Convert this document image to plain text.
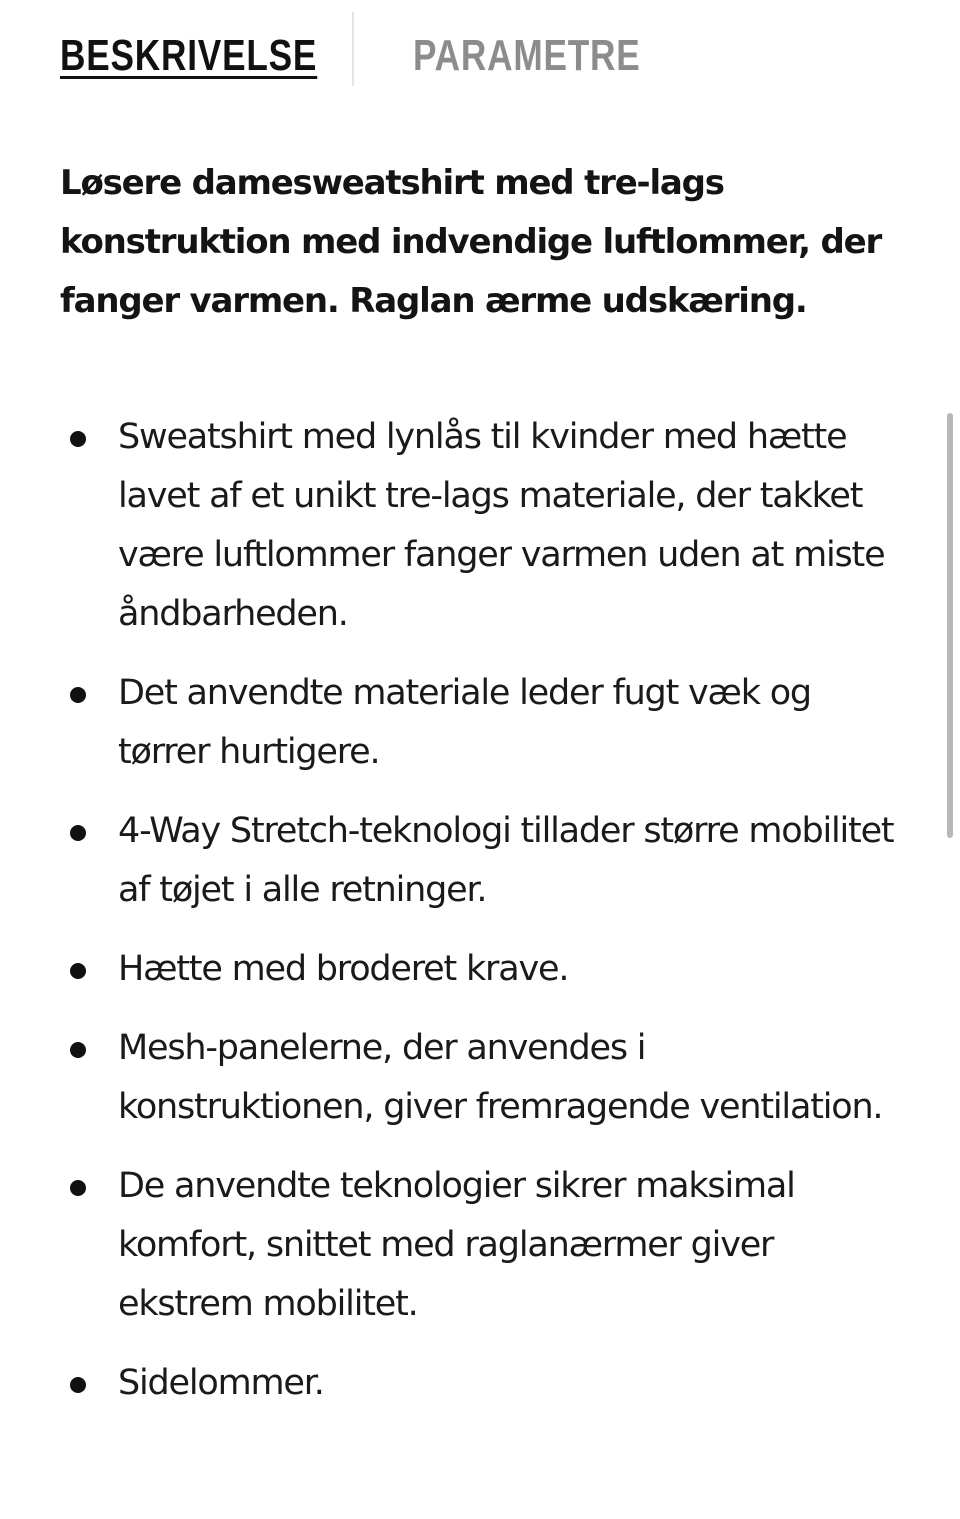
BESKRIVELSE PARAMETRE

Løsere damesweatshirt med tre-lags konstruktion med indvendige luftlommer, der fanger varmen. Raglan ærme udskæring.

Sweatshirt med lynlås til kvinder med hætte lavet af et unikt tre-lags materiale, der takket være luftlommer fanger varmen uden at miste åndbarheden.
Det anvendte materiale leder fugt væk og tørrer hurtigere.
4-Way Stretch-teknologi tillader større mobilitet af tøjet i alle retninger.
Hætte med broderet krave.
Mesh-panelerne, der anvendes i konstruktionen, giver fremragende ventilation.
De anvendte teknologier sikrer maksimal komfort, snittet med raglanærmer giver ekstrem mobilitet.
Sidelommer.
